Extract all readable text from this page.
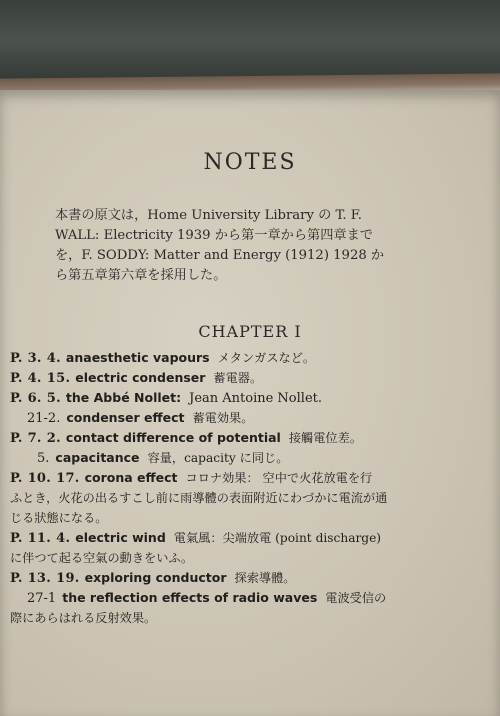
NOTES
本書の原文は，Home University Library の T. F.
WALL: Electricity 1939 から第一章から第四章まで
を，F. SODDY: Matter and Energy (1912) 1928 か
ら第五章第六章を採用した。
CHAPTER I
P. 3. 4. anaesthetic vapours メタンガスなど。
P. 4. 15. electric condenser 蓄電器。
P. 6. 5. the Abbé Nollet: Jean Antoine Nollet.
21-2. condenser effect 蓄電効果。
P. 7. 2. contact difference of potential 接觸電位差。
5. capacitance 容量，capacity に同じ。
P. 10. 17. corona effect コロナ効果： 空中で火花放電を行
ふとき，火花の出るすこし前に雨導體の表面附近にわづかに電流が通
じる狀態になる。
P. 11. 4. electric wind 電氣風：尖端放電 (point discharge)
に伴つて起る空氣の動きをいふ。
P. 13. 19. exploring conductor 探索導體。
27-1 the reflection effects of radio waves 電波受信の
際にあらはれる反射效果。
